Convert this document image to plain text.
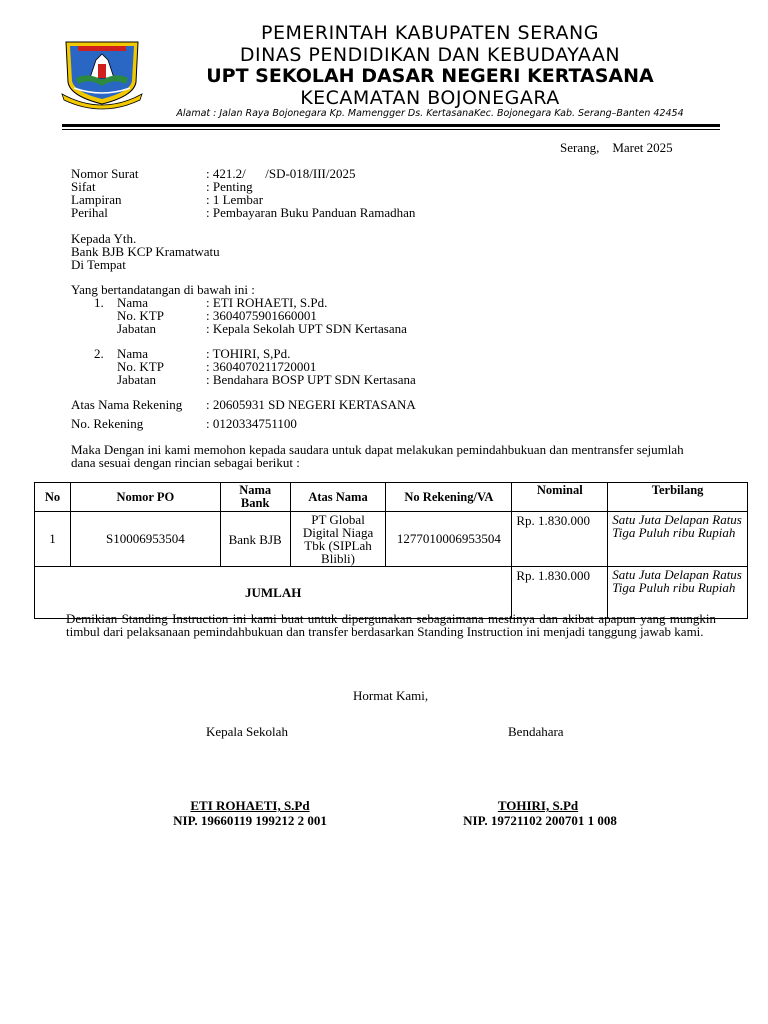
PEMERINTAH KABUPATEN SERANG
DINAS PENDIDIKAN DAN KEBUDAYAAN
UPT SEKOLAH DASAR NEGERI KERTASANA
KECAMATAN BOJONEGARA
Alamat : Jalan Raya Bojonegara Kp. Mamengger Ds. KertasanaKec. Bojonegara Kab. Serang–Banten 42454
Serang,    Maret 2025
Nomor Surat	: 421.2/      /SD-018/III/2025
Sifat	: Penting
Lampiran	: 1 Lembar
Perihal	: Pembayaran Buku Panduan Ramadhan
Kepada Yth.
Bank BJB KCP Kramatwatu
Di Tempat
Yang bertandatangan di bawah ini :
1. Nama	: ETI ROHAETI, S.Pd.
No. KTP	: 3604075901660001
Jabatan	: Kepala Sekolah UPT SDN Kertasana
2. Nama	: TOHIRI, S,Pd.
No. KTP	: 3604070211720001
Jabatan	: Bendahara BOSP UPT SDN Kertasana
Atas Nama Rekening : 20605931 SD NEGERI KERTASANA
No. Rekening	: 0120334751100
Maka Dengan ini kami memohon kepada saudara untuk dapat melakukan pemindahbukuan dan mentransfer sejumlah dana sesuai dengan rincian sebagai berikut :
No	Nomor PO	Nama Bank	Atas Nama	No Rekening/VA	Nominal	Terbilang
1	S10006953504	Bank BJB	PT Global Digital Niaga Tbk (SIPLah Blibli)	1277010006953504	Rp. 1.830.000	Satu Juta Delapan Ratus Tiga Puluh ribu Rupiah
JUMLAH					Rp. 1.830.000	Satu Juta Delapan Ratus Tiga Puluh ribu Rupiah
Demikian Standing Instruction ini kami buat untuk dipergunakan sebagaimana mestinya dan akibat apapun yang mungkin timbul dari pelaksanaan pemindahbukuan dan transfer berdasarkan Standing Instruction ini menjadi tanggung jawab kami.
Hormat Kami,
Kepala Sekolah	Bendahara
ETI ROHAETI, S.Pd
NIP. 19660119 199212 2 001
TOHIRI, S.Pd
NIP. 19721102 200701 1 008
